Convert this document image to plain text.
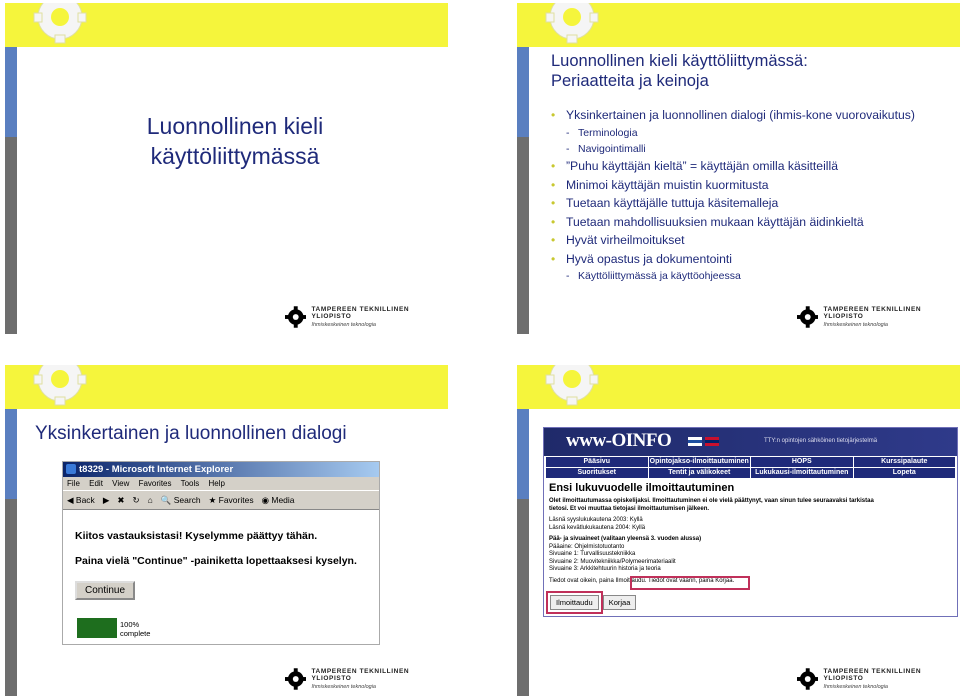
Luonnollinen kieli käyttöliittymässä
TAMPEREEN TEKNILLINEN YLIOPISTO
Ihmiskeskeinen teknologia
Luonnollinen kieli käyttöliittymässä:
Periaatteita ja keinoja
• Yksinkertainen ja luonnollinen dialogi (ihmis-kone vuorovaikutus)
- Terminologia
- Navigointimalli
• ”Puhu käyttäjän kieltä” = käyttäjän omilla käsitteillä
• Minimoi käyttäjän muistin kuormitusta
• Tuetaan käyttäjälle tuttuja käsitemalleja
• Tuetaan mahdollisuuksien mukaan käyttäjän äidinkieltä
• Hyvät virheilmoitukset
• Hyvä opastus ja dokumentointi
- Käyttöliittymässä ja käyttöohjeessa
TAMPEREEN TEKNILLINEN YLIOPISTO
Ihmiskeskeinen teknologia
Yksinkertainen ja luonnollinen dialogi
t8329 - Microsoft Internet Explorer
File Edit View Favorites Tools Help
◀ Back ▶ ✖ ↻ ⌂ 🔍 Search ★ Favorites ◉ Media
Kiitos vastauksistasi! Kyselymme päättyy tähän.
Paina vielä "Continue" -painiketta lopettaaksesi kyselyn.
Continue
100%
complete
TAMPEREEN TEKNILLINEN YLIOPISTO
Ihmiskeskeinen teknologia
www-OINFO	TTY:n opintojen sähköinen tietojärjestelmä
Pääsivu	Opintojakso-ilmoittautuminen	HOPS	Kurssipalaute
Suoritukset	Tentit ja välikokeet	Lukukausi-ilmoittautuminen	Lopeta
Ensi lukuvuodelle ilmoittautuminen
Olet ilmoittautumassa opiskelijaksi. Ilmoittautuminen ei ole vielä päättynyt, vaan sinun tulee seuraavaksi tarkistaa
tietosi. Et voi muuttaa tietojasi ilmoittautumisen jälkeen.
Läsnä syyslukukautena 2003: Kyllä
Läsnä kevätlukukautena 2004: Kyllä
Pää- ja sivuaineet (valitaan yleensä 3. vuoden alussa)
Pääaine: Ohjelmistotuotanto
Sivuaine 1: Turvallisuustekniikka
Sivuaine 2: Muovitekniikka/Polymeerimateriaalit
Sivuaine 3: Arkkitehtuurin historia ja teoria
Tiedot ovat oikein, paina Ilmoittaudu. Tiedot ovat väärin, paina Korjaa.
Ilmoittaudu	Korjaa
TAMPEREEN TEKNILLINEN YLIOPISTO
Ihmiskeskeinen teknologia
